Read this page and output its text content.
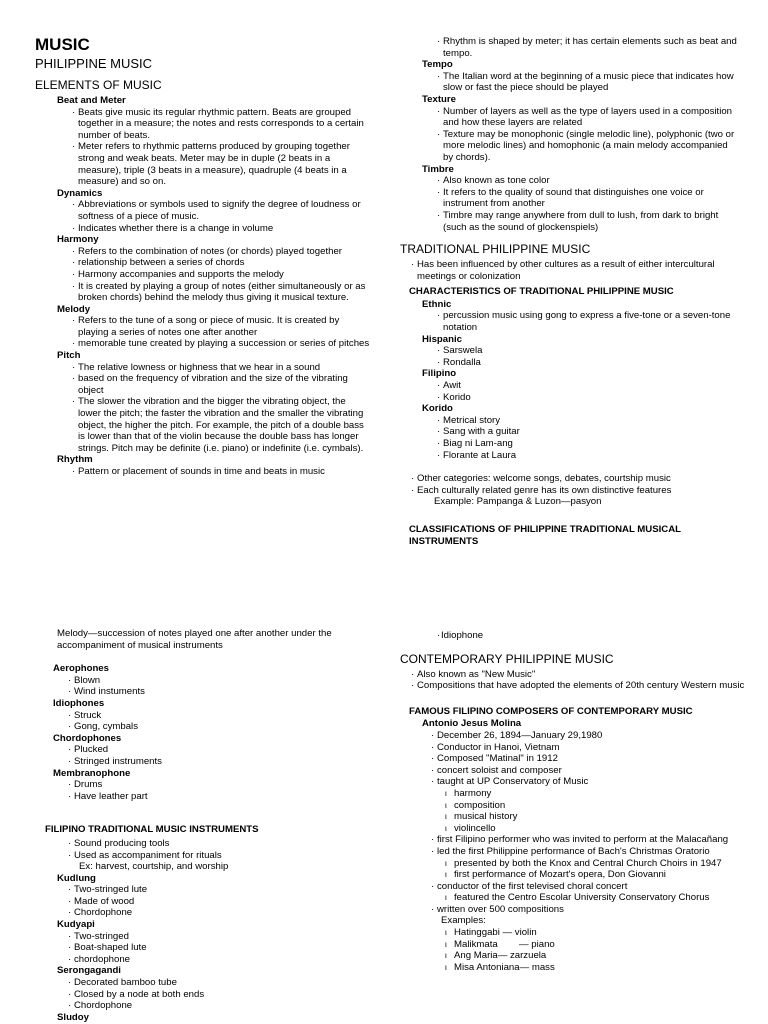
MUSIC
PHILIPPINE MUSIC
ELEMENTS OF MUSIC
Beat and Meter
· Beats give music its regular rhythmic pattern. Beats are grouped together in a measure; the notes and rests corresponds to a certain number of beats.
· Meter refers to rhythmic patterns produced by grouping together strong and weak beats. Meter may be in duple (2 beats in a measure), triple (3 beats in a measure), quadruple (4 beats in a measure) and so on.
Dynamics
· Abbreviations or symbols used to signify the degree of loudness or softness of a piece of music.
· Indicates whether there is a change in volume
Harmony
· Refers to the combination of notes (or chords) played together
· relationship between a series of chords
· Harmony accompanies and supports the melody
· It is created by playing a group of notes (either simultaneously or as broken chords) behind the melody thus giving it musical texture.
Melody
· Refers to the tune of a song or piece of music. It is created by playing a series of notes one after another
· memorable tune created by playing a succession or series of pitches
Pitch
· The relative lowness or highness that we hear in a sound
· based on the frequency of vibration and the size of the vibrating object
· The slower the vibration and the bigger the vibrating object, the lower the pitch; the faster the vibration and the smaller the vibrating object, the higher the pitch. For example, the pitch of a double bass is lower than that of the violin because the double bass has longer strings. Pitch may be definite (i.e. piano) or indefinite (i.e. cymbals).
Rhythm
· Pattern or placement of sounds in time and beats in music
· Rhythm is shaped by meter; it has certain elements such as beat and tempo.
Tempo
· The Italian word at the beginning of a music piece that indicates how slow or fast the piece should be played
Texture
· Number of layers as well as the type of layers used in a composition and how these layers are related
· Texture may be monophonic (single melodic line), polyphonic (two or more melodic lines) and homophonic (a main melody accompanied by chords).
Timbre
· Also known as tone color
· It refers to the quality of sound that distinguishes one voice or instrument from another
· Timbre may range anywhere from dull to lush, from dark to bright (such as the sound of glockenspiels)
TRADITIONAL PHILIPPINE MUSIC
· Has been influenced by other cultures as a result of either intercultural meetings or colonization
CHARACTERISTICS OF TRADITIONAL PHILIPPINE MUSIC
Ethnic
· percussion music using gong to express a five-tone or a seven-tone notation
Hispanic
· Sarswela
· Rondalla
Filipino
· Awit
· Korido
Korido
· Metrical story
· Sang with a guitar
· Biag ni Lam-ang
· Florante at Laura
· Other categories: welcome songs, debates, courtship music
· Each culturally related genre has its own distinctive features
Example: Pampanga & Luzon—pasyon
CLASSIFICATIONS OF PHILIPPINE TRADITIONAL MUSICAL INSTRUMENTS
Melody—succession of notes played one after another under the accompaniment of musical instruments
Aerophones
· Blown
· Wind instuments
Idiophones
· Struck
· Gong, cymbals
Chordophones
· Plucked
· Stringed instruments
Membranophone
· Drums
· Have leather part
FILIPINO TRADITIONAL MUSIC INSTRUMENTS
· Sound producing tools
· Used as accompaniment for rituals
Ex: harvest, courtship, and worship
Kudlung
· Two-stringed lute
· Made of wood
· Chordophone
Kudyapi
· Two-stringed
· Boat-shaped lute
· chordophone
Serongagandi
· Decorated bamboo tube
· Closed by a node at both ends
· Chordophone
Sludoy
· Idiophone
CONTEMPORARY PHILIPPINE MUSIC
· Also known as "New Music"
· Compositions that have adopted the elements of 20th century Western music
FAMOUS FILIPINO COMPOSERS OF CONTEMPORARY MUSIC
Antonio Jesus Molina
· December 26, 1894—January 29,1980
· Conductor in Hanoi, Vietnam
· Composed "Matinal" in 1912
· concert soloist and composer
· taught at UP Conservatory of Music
ι harmony
ι composition
ι musical history
ι violincello
· first Filipino performer who was invited to perform at the Malacañang
· led the first Philippine performance of Bach's Christmas Oratorio
ι presented by both the Knox and Central Church Choirs in 1947
ι first performance of Mozart's opera, Don Giovanni
· conductor of the first televised choral concert
ι featured the Centro Escolar University Conservatory Chorus
· written over 500 compositions
Examples:
ι Hatinggabi — violin
ι Malikmata        — piano
ι Ang Maria— zarzuela
ι Misa Antoniana— mass
